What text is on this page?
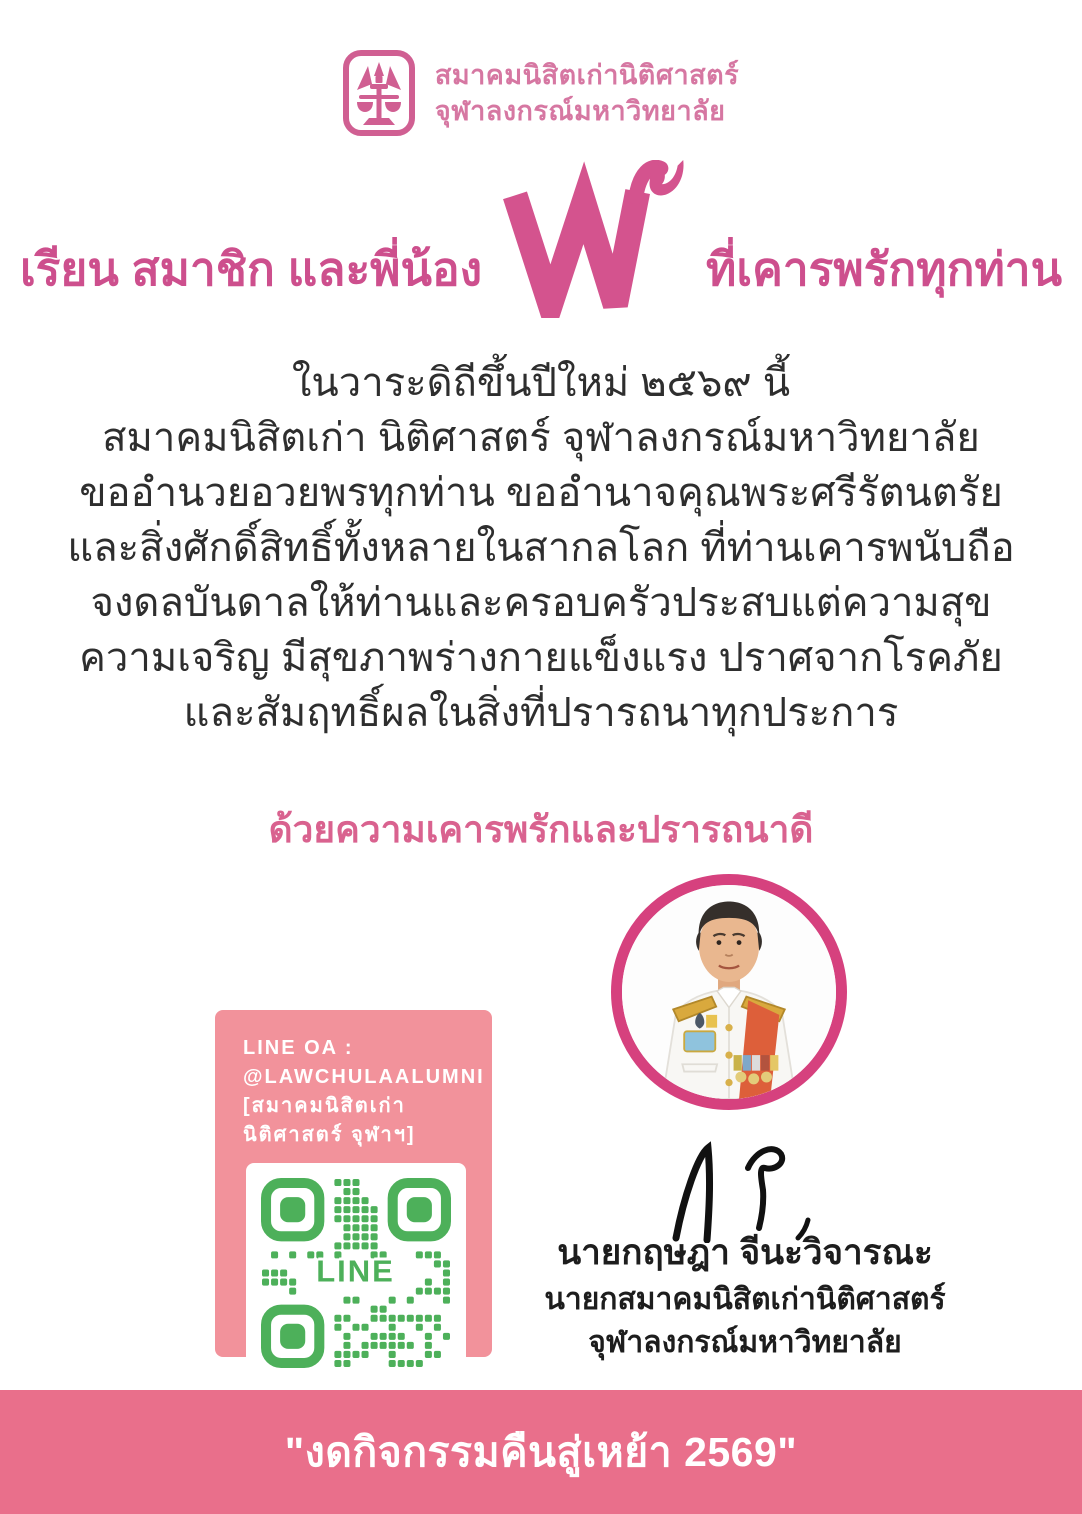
สมาคมนิสิตเก่านิติศาสตร์
จุฬาลงกรณ์มหาวิทยาลัย
เรียน สมาชิก และพี่น้อง	ที่เคารพรักทุกท่าน
ในวาระดิถีขึ้นปีใหม่ ๒๕๖๙ นี้
สมาคมนิสิตเก่า นิติศาสตร์ จุฬาลงกรณ์มหาวิทยาลัย
ขออำนวยอวยพรทุกท่าน ขออำนาจคุณพระศรีรัตนตรัย
และสิ่งศักดิ์สิทธิ์ทั้งหลายในสากลโลก ที่ท่านเคารพนับถือ
จงดลบันดาลให้ท่านและครอบครัวประสบแต่ความสุข
ความเจริญ มีสุขภาพร่างกายแข็งแรง ปราศจากโรคภัย
และสัมฤทธิ์ผลในสิ่งที่ปรารถนาทุกประการ
ด้วยความเคารพรักและปรารถนาดี
LINE OA :
@LAWCHULAALUMNI
[สมาคมนิสิตเก่า
นิติศาสตร์ จุฬาฯ]
LINE	นายกฤษฎา จีนะวิจารณะ
นายกสมาคมนิสิตเก่านิติศาสตร์
จุฬาลงกรณ์มหาวิทยาลัย
"งดกิจกรรมคืนสู่เหย้า 2569"
